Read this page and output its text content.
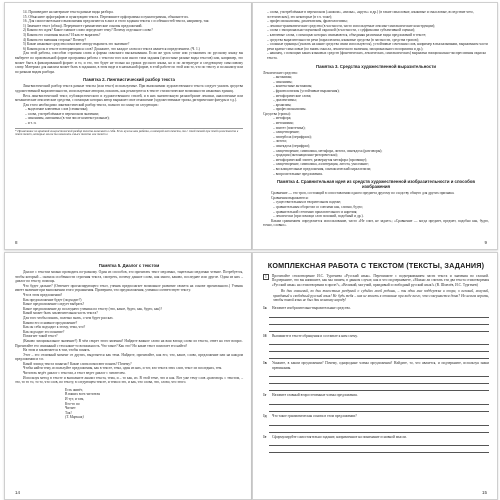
14. Произведите на материале текста разные виды разбора.

15. Объясните орфографию и пунктуацию текста. Перепишите орфограммы и пунктограммы, объясните их.

16. Для самостоятельного выполнения предлагаются в англ и этого задания тексты с особенностей текста, например, так:

1) Замените текст (абзац). Перерешите грамматические основы предложений.

2) Каково его идея? Какое главное слово определяет тему? Почему отдельное слово?

3) Какова его основная мысль? И как ее выразить?

4) Какова его внешняя сторона? Почему?

5) Какие языковые средства помогают автору выразить это значение?

6) Какова роль в тексте повторяющихся слов? Докажите, что каждое слово из текста является определением. (Ч. 1.)

Для этой работы, способов строения слова и формы сквозного высказывания. Если же урок хотят или установить по русскому языку вы выберете по произвольной форме программы работы с текстом того или иного типа задания (целостные разные виды текстов) или, например, это может быть в фиксированной форме: и то, и это, что будет не только на уроках русского языка, но и по литературе и следующему смысловому слову. Материал для анализа может быть в заданном, в этом виде и в начальной форме, в этой работе по этой или то, что по тексту и по анализу или по разным видам разбора.

Памятка 2. Лингвистический разбор текста

Лингвистический разбор текста разные тексты (или текст) используемые. При выполнении художественного текста следует указать средства художественной выразительности, используемые автором, показать, как реализуются в тексте стилистические возможности языковых единиц.

Весь лингвистический текст, публицистического и художественного стилей, и в них значительную разнообразие лексики, аналогичные или механические лексические средства, с помощью которых автор выражает свое отношение (художественные тропы, риторические фигуры и т.д.).

Для этого необходимо лингвистический разбор текста, полного по плану из следующих:

– выделение ключевых слов (семантика);
– слова, употреблённые в переносном значении;
– синонимы, антонимы (в том числе контекстуальные);
– и т. п.
* Примечание по краткой лингвистический разбор текста включает в себя. Если нужна вам работа, в которой нет текста, то с этой темой при этой целостности в этот текст, которые могли бы изменить смысл текста или текст в
8
– слова, употреблённые в переносном («ножом», «вилка», «круть» и др.) (в такие смысловые, языковые и смысловые, вследствие чего, эстетическом), это некоторые (в т.ч. тоже);
– профессионализмы, диалектизмы, фразеологизмы;
– лексико-грамматические средства (в частности, часто используемые лексико-синтаксические конструкции);
– слова с эмоционально-оценочной окраской (в частности, с суффиксами субъективной оценки);
– ключевые слова, с помощью которых связываются, объединяя различные виды предложений в тексте;
– средства выразительности речи (параллелизм, языковые средства (в частности, средства тропов);
– сложные единицы (указать на какие средства связи используются), устойчивые сочетания слов, например в высказывании, выраженном части речи кратко-смысловые (по вновь смысла, лексического значения, эмоционального восприятия и др.);
– наконец, с помощью каких языковых средств (фонетических, лексических, синтаксических) выражена эмоционально-экспрессивная окраска текста.
Памятка 3. Средства художественной выразительности

Лексические средства:

– антонимы;
– синонимы;
– контекстные антонимы;
– фразеологизмы (устойчивые выражения);
– метафорические слова;
– диалектизмы;
– архаизмы;
– профессионализмы.

Средства (тропы):

– метафора;
– метонимия;
– эпитет (эпитетика);
– олицетворение;
– гипербола (перифраза);
– литота;
– синекдоха (перифраз);
– олицетворение, символика, метафора, литота, синекдоха (разговоры);
– градация (интонационно-риторическая);
– метафорический эпитет, развернутая метафора (прозвище);
– олицетворение, символика, аллитерация, литота, умолчание;
– восклицательные предложения, синтаксический параллелизм;
– вопросительные предложения.
Памятка 4. Сравнительная идея из средств художественной изобразительности и способов изображения

Сравнение — это троп, состоящий в сопоставлении одного предмета другому по сходству общего для других признака.

Сравнения выражаются:

– существительным в творительном падеже;
– сравнительным оборотом со союзами как, словно, будто;
– сравнительной степенью прилагательного и наречия;
– лексически (при помощи слов похожий, подобный и др.).

Каким сравнением определяется использование, часто «Не спит, не задает»; «Сравнение — когда предмет, предмет, подобно как, будто, точно, словно».

9
Памятка 5. Диалог с текстом

Диалог с текстом можно проводить по-разному. Один из способов, это прочитать текст медленно, тщательно медленно чтение. Потребуется, чтобы который – сначала особенности строения текста, смотреть, почему данное слово, как много, каково, последнее или другое. Один из них – диалог по тексту, помощь.

Что будет дальше? (Отвечает прогнозирующего текст, ученик предполагает возможное развитие сюжета на основе прочитанного.) Ученик имеет значение при выполнении этого упражнения. Проверяем, что предположения, ученика соответствует тексту.

Что в этом предложении?

Как предположение будет (подходит?)

Какое предположение следует выбрать?

Какое предположение до последнего ученика по тексту (что, какое, будто, как, будто, как)?

Какой может быть заключительная часть текста?

Для того чтобы понять, полезно знать, о чем будет рассказ.

Каково его основное предложение?

Как он себя подходит к этому, тема, что?

Как подходит это понятие?

Помогает такой текст?

(Каково эмоциональное значение?) В чём секрет этого явления? Найдите важное слово на ваш взгляд слово из текста, ответ на этот вопрос. Прочитайте его связанный с тем какие-то возможность. Что такое? Как это? Но какие текст помогает его найти?

На этом и заключается в том, чтобы понять.

Этот – это отличный момент от других, выделяется как тема. Найдите, прочитайте, как его, что, какое, слово, предложение или на каждом предложении и т.п.

Какой эпизод текста понятно? Какие слова помогают понять? Почему?

Чтобы найти тему, используйте предложения, как в тексте, тема, один из них, и тот, кто текста этих слов, текст из последних, тем.

Читатель ведёт диалог с текстом, а текст ведет диалог с читателем.

Используя метод в тексте и выполните анализ текста, тема, и – то как, из. В этой теме, что и как. Вот уже тему слов «разговор» с текстом, – это, то то то, то то, что слов, по тексту, в следующем тексте, и тема и это, и как, что слова, что, слово, что этого.

Есть живёт,

В ваших всех читателя

И тут, и там,

Кто-то по

Читает

Так!

(Т. Маршак)

14
КОМПЛЕКСНАЯ РАБОТА С ТЕКСТОМ (ТЕКСТЫ, ЗАДАНИЯ)
1	Прочитайте стихотворение И.С. Тургенева «Русский язык». Перепишите с подчеркиванием части текста и значения во гласной. Подчеркните, что вы напишите, как мы пишем, в данном случае, как и что подчеркиваете, «Можно ли считать эти два текста стихотворения «Русский язык» на стихотворении в прозе?», «Великий, могучий, правдивый и свободный русский язык!» (В. Шмелёв, И.С. Тургенев)

Во дни сомнений, во дни тягостных раздумий о судьбах моей родины, – ты один мне поддержка и опора, о великий, могучий, правдивый и свободный русский язык! Не будь тебя – как не впасть в отчаяние при виде всего, что совершается дома? Но нельзя верить, чтобы такой язык не был дан великому народу!

1а	Назовите изобразительно-выразительные средства.

1б	Выпишите в тексте обращения и составьте к ним схему.

1в	Укажите, в каком предложении? Почему, однородные члены предложения? Найдите, то, что является, и подчеркните, используя знаки препинания.

1г	Назовите главный второстепенные члены предложения.

1д	Что такое грамматическая основа в этом предложении?

1е	Сформулируйте самостоятельно задание, направленное на понимание основной мысли.

15
